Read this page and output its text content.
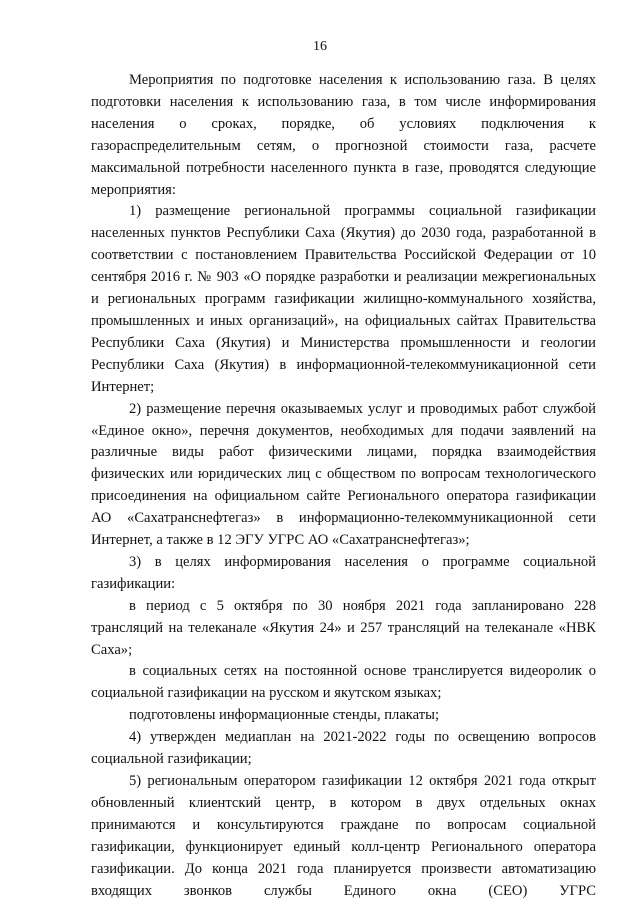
16

Мероприятия по подготовке населения к использованию газа. В целях подготовки населения к использованию газа, в том числе информирования населения о сроках, порядке, об условиях подключения к газораспределительным сетям, о прогнозной стоимости газа, расчете максимальной потребности населенного пункта в газе, проводятся следующие мероприятия:

1) размещение региональной программы социальной газификации населенных пунктов Республики Саха (Якутия) до 2030 года, разработанной в соответствии с постановлением Правительства Российской Федерации от 10 сентября 2016 г. № 903 «О порядке разработки и реализации межрегиональных и региональных программ газификации жилищно-коммунального хозяйства, промышленных и иных организаций», на официальных сайтах Правительства Республики Саха (Якутия) и Министерства промышленности и геологии Республики Саха (Якутия) в информационной-телекоммуникационной сети Интернет;

2) размещение перечня оказываемых услуг и проводимых работ службой «Единое окно», перечня документов, необходимых для подачи заявлений на различные виды работ физическими лицами, порядка взаимодействия физических или юридических лиц с обществом по вопросам технологического присоединения на официальном сайте Регионального оператора газификации АО «Сахатранснефтегаз» в информационно-телекоммуникационной сети Интернет, а также в 12 ЭГУ УГРС АО «Сахатранснефтегаз»;

3) в целях информирования населения о программе социальной газификации:

в период с 5 октября по 30 ноября 2021 года запланировано 228 трансляций на телеканале «Якутия 24» и 257 трансляций на телеканале «НВК Саха»;

в социальных сетях на постоянной основе транслируется видеоролик о социальной газификации на русском и якутском языках;

подготовлены информационные стенды, плакаты;

4) утвержден медиаплан на 2021-2022 годы по освещению вопросов социальной газификации;

5) региональным оператором газификации 12 октября 2021 года открыт обновленный клиентский центр, в котором в двух отдельных окнах принимаются и консультируются граждане по вопросам социальной газификации, функционирует единый колл-центр Регионального оператора газификации. До конца 2021 года планируется произвести автоматизацию входящих звонков службы Единого окна (СЕО) УГРС
